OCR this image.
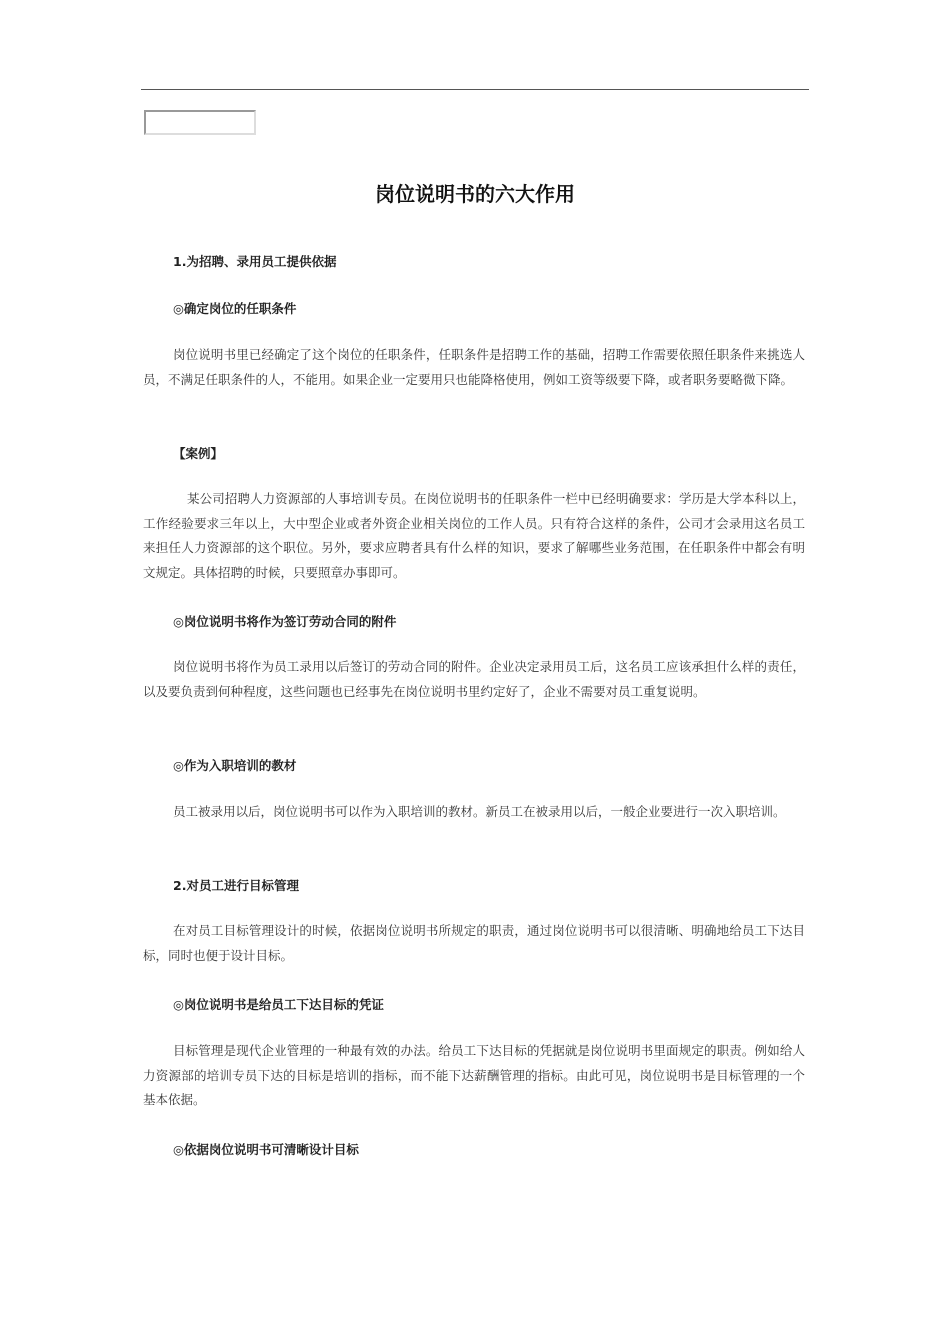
岗位说明书的六大作用
1.为招聘、录用员工提供依据
◎确定岗位的任职条件
岗位说明书里已经确定了这个岗位的任职条件，任职条件是招聘工作的基础，招聘工作需要依照任职条件来挑选人员，不满足任职条件的人，不能用。如果企业一定要用只也能降格使用，例如工资等级要下降，或者职务要略微下降。
【案例】
某公司招聘人力资源部的人事培训专员。在岗位说明书的任职条件一栏中已经明确要求：学历是大学本科以上，工作经验要求三年以上，大中型企业或者外资企业相关岗位的工作人员。只有符合这样的条件，公司才会录用这名员工来担任人力资源部的这个职位。另外，要求应聘者具有什么样的知识，要求了解哪些业务范围，在任职条件中都会有明文规定。具体招聘的时候，只要照章办事即可。
◎岗位说明书将作为签订劳动合同的附件
岗位说明书将作为员工录用以后签订的劳动合同的附件。企业决定录用员工后，这名员工应该承担什么样的责任，以及要负责到何种程度，这些问题也已经事先在岗位说明书里约定好了，企业不需要对员工重复说明。
◎作为入职培训的教材
员工被录用以后，岗位说明书可以作为入职培训的教材。新员工在被录用以后，一般企业要进行一次入职培训。
2.对员工进行目标管理
在对员工目标管理设计的时候，依据岗位说明书所规定的职责，通过岗位说明书可以很清晰、明确地给员工下达目标，同时也便于设计目标。
◎岗位说明书是给员工下达目标的凭证
目标管理是现代企业管理的一种最有效的办法。给员工下达目标的凭据就是岗位说明书里面规定的职责。例如给人力资源部的培训专员下达的目标是培训的指标，而不能下达薪酬管理的指标。由此可见，岗位说明书是目标管理的一个基本依据。
◎依据岗位说明书可清晰设计目标
